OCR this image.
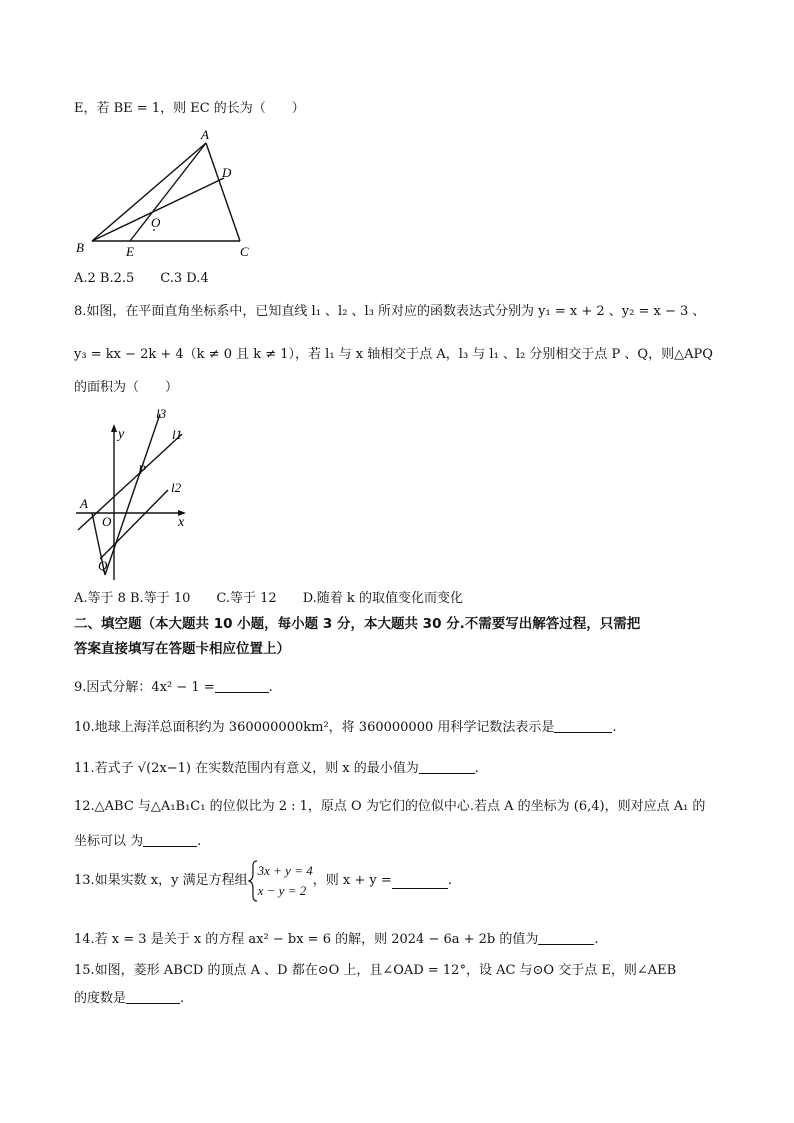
E，若 BE = 1，则 EC 的长为（　　）
A
D
O
B	E	C
A.2 B.2.5　　C.3 D.4
8.如图，在平面直角坐标系中，已知直线 l₁ 、l₂ 、l₃ 所对应的函数表达式分别为 y₁ = x + 2 、y₂ = x − 3 、
y₃ = kx − 2k + 4（k ≠ 0 且 k ≠ 1），若 l₁ 与 x 轴相交于点 A，l₃ 与 l₁ 、l₂ 分别相交于点 P 、Q，则△APQ
的面积为（　　）
y
l3
l1
P
l2
A
O	x
Q
A.等于 8 B.等于 10　　C.等于 12　　D.随着 k 的取值变化而变化
二、填空题（本大题共 10 小题，每小题 3 分，本大题共 30 分.不需要写出解答过程，只需把
答案直接填写在答题卡相应位置上）
9.因式分解：4x² − 1 =	.
10.地球上海洋总面积约为 360000000km²，将 360000000 用科学记数法表示是	.
11.若式子 √(2x−1) 在实数范围内有意义，则 x 的最小值为	.
12.△ABC 与△A₁B₁C₁ 的位似比为 2 : 1，原点 O 为它们的位似中心.若点 A 的坐标为 (6,4)，则对应点 A₁ 的
坐标可以 为	.
13.如果实数 x，y 满足方程组
3x + y = 4
x − y = 2
，则 x + y =	.
14.若 x = 3 是关于 x 的方程 ax² − bx = 6 的解，则 2024 − 6a + 2b 的值为	.
15.如图，菱形 ABCD 的顶点 A 、D 都在⊙O 上，且∠OAD = 12°，设 AC 与⊙O 交于点 E，则∠AEB
的度数是	.
